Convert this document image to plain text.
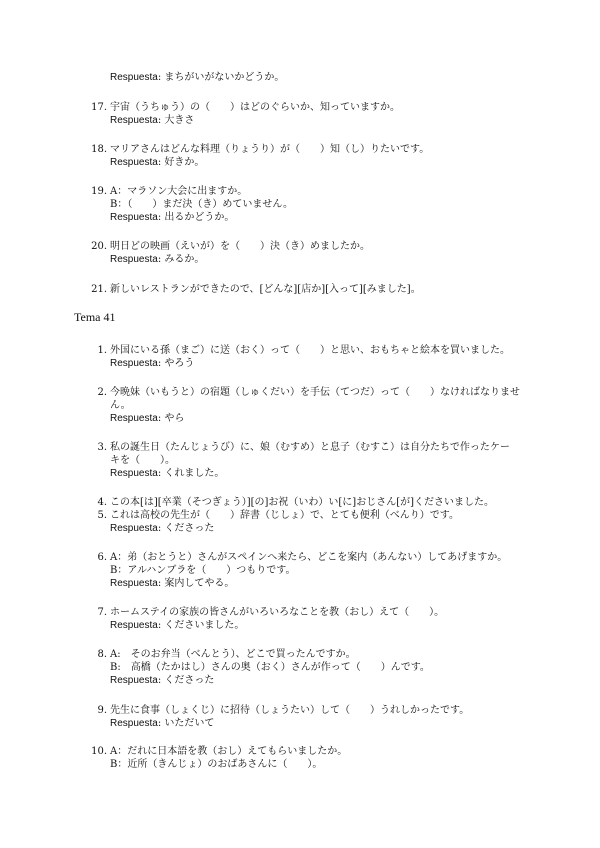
Respuesta: まちがいがないかどうか。
17. 宇宙（うちゅう）の（　　）はどのぐらいか、知っていますか。
Respuesta: 大きさ
18. マリアさんはどんな料理（りょうり）が（　　）知（し）りたいです。
Respuesta: 好きか。
19. A：マラソン大会に出ますか。
B：（　　）まだ決（き）めていません。
Respuesta: 出るかどうか。
20. 明日どの映画（えいが）を（　　）決（き）めましたか。
Respuesta: みるか。
21. 新しいレストランができたので、[どんな][店か][入って][みました]。
Tema 41
1. 外国にいる孫（まご）に送（おく）って（　　）と思い、おもちゃと絵本を買いました。
Respuesta: やろう
2. 今晩妹（いもうと）の宿題（しゅくだい）を手伝（てつだ）って（　　）なければなりませ
ん。
Respuesta: やら
3. 私の誕生日（たんじょうび）に、娘（むすめ）と息子（むすこ）は自分たちで作ったケー
キを（　　）。
Respuesta: くれました。
4. この本[は][卒業（そつぎょう）][の]お祝（いわ）い[に]おじさん[が]くださいました。
5. これは高校の先生が（　　）辞書（じしょ）で、とても便利（べんり）です。
Respuesta: くださった
6. A：弟（おとうと）さんがスペインへ来たら、どこを案内（あんない）してあげますか。
B：アルハンブラを（　　）つもりです。
Respuesta: 案内してやる。
7. ホームステイの家族の皆さんがいろいろなことを教（おし）えて（　　）。
Respuesta: くださいました。
8. A:　そのお弁当（べんとう）、どこで買ったんですか。
B:　高橋（たかはし）さんの奥（おく）さんが作って（　　）んです。
Respuesta: くださった
9. 先生に食事（しょくじ）に招待（しょうたい）して（　　）うれしかったです。
Respuesta: いただいて
10. A：だれに日本語を教（おし）えてもらいましたか。
B：近所（きんじょ）のおばあさんに（　　）。
